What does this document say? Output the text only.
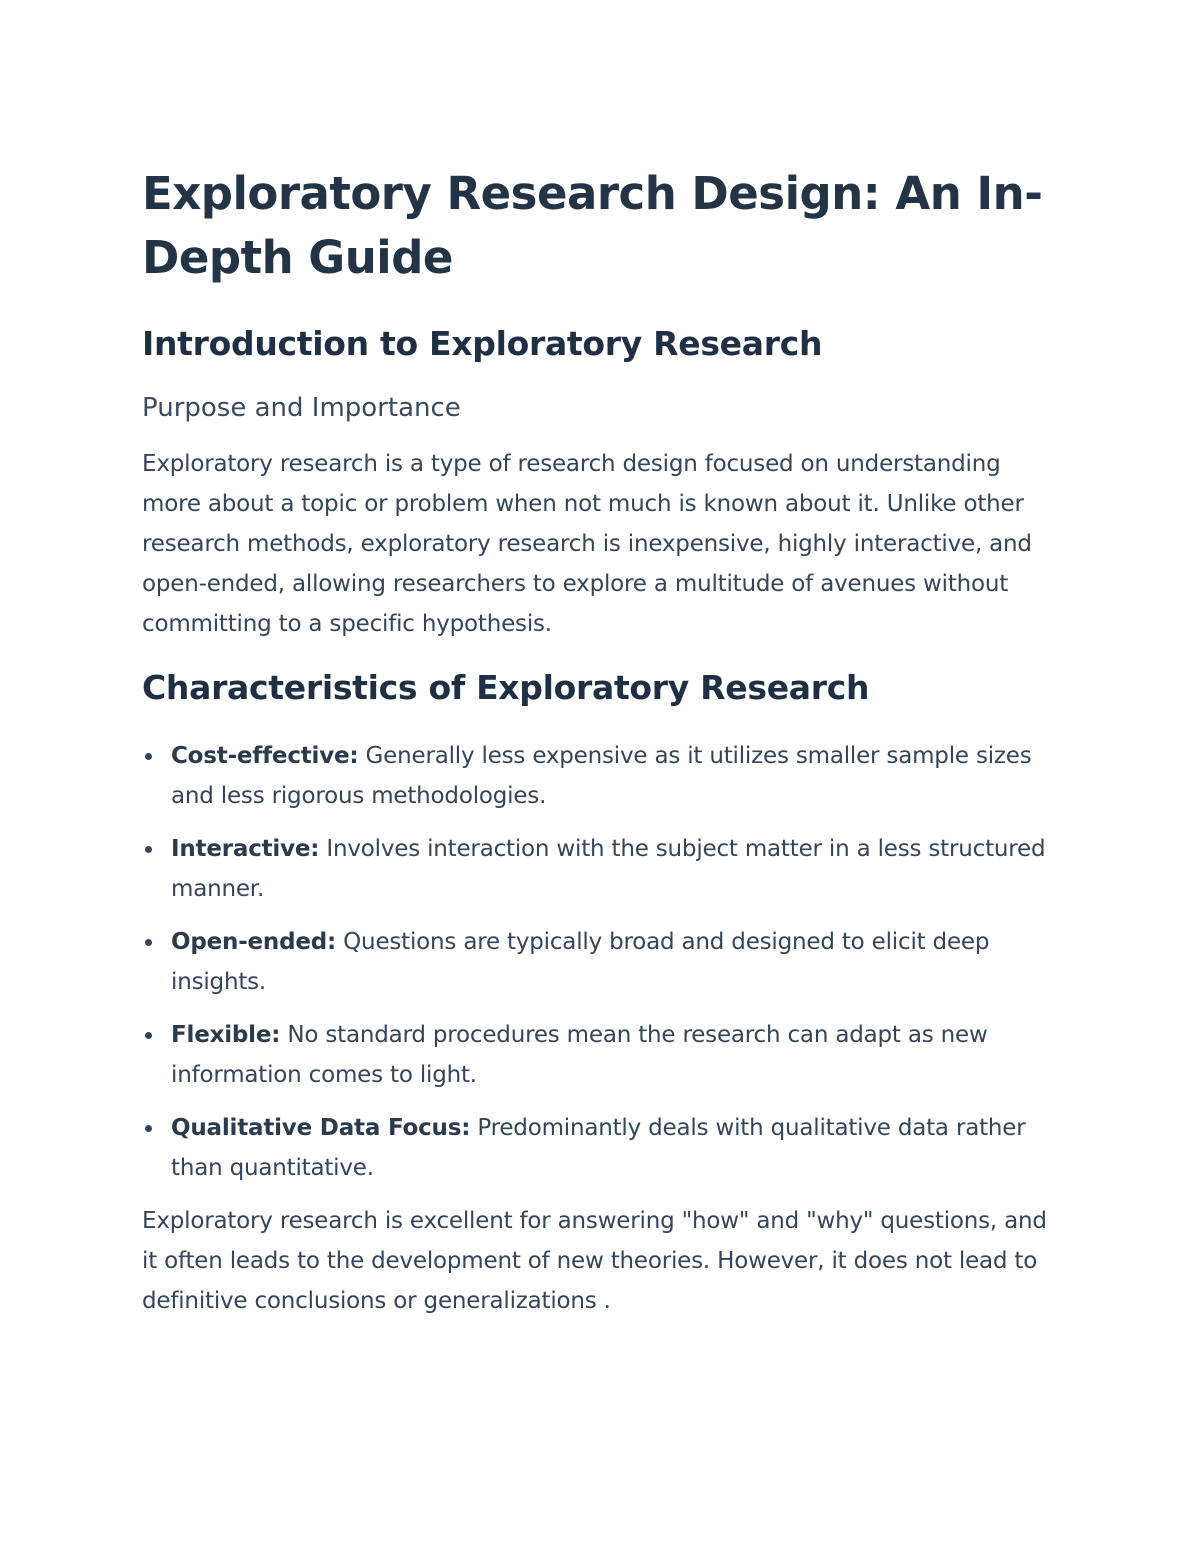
Exploratory Research Design: An In-Depth Guide
Introduction to Exploratory Research
Purpose and Importance

Exploratory research is a type of research design focused on understanding more about a topic or problem when not much is known about it. Unlike other research methods, exploratory research is inexpensive, highly interactive, and open-ended, allowing researchers to explore a multitude of avenues without committing to a specific hypothesis.

Characteristics of Exploratory Research
Cost-effective: Generally less expensive as it utilizes smaller sample sizes and less rigorous methodologies.
Interactive: Involves interaction with the subject matter in a less structured manner.
Open-ended: Questions are typically broad and designed to elicit deep insights.
Flexible: No standard procedures mean the research can adapt as new information comes to light.
Qualitative Data Focus: Predominantly deals with qualitative data rather than quantitative.

Exploratory research is excellent for answering "how" and "why" questions, and it often leads to the development of new theories. However, it does not lead to definitive conclusions or generalizations .
